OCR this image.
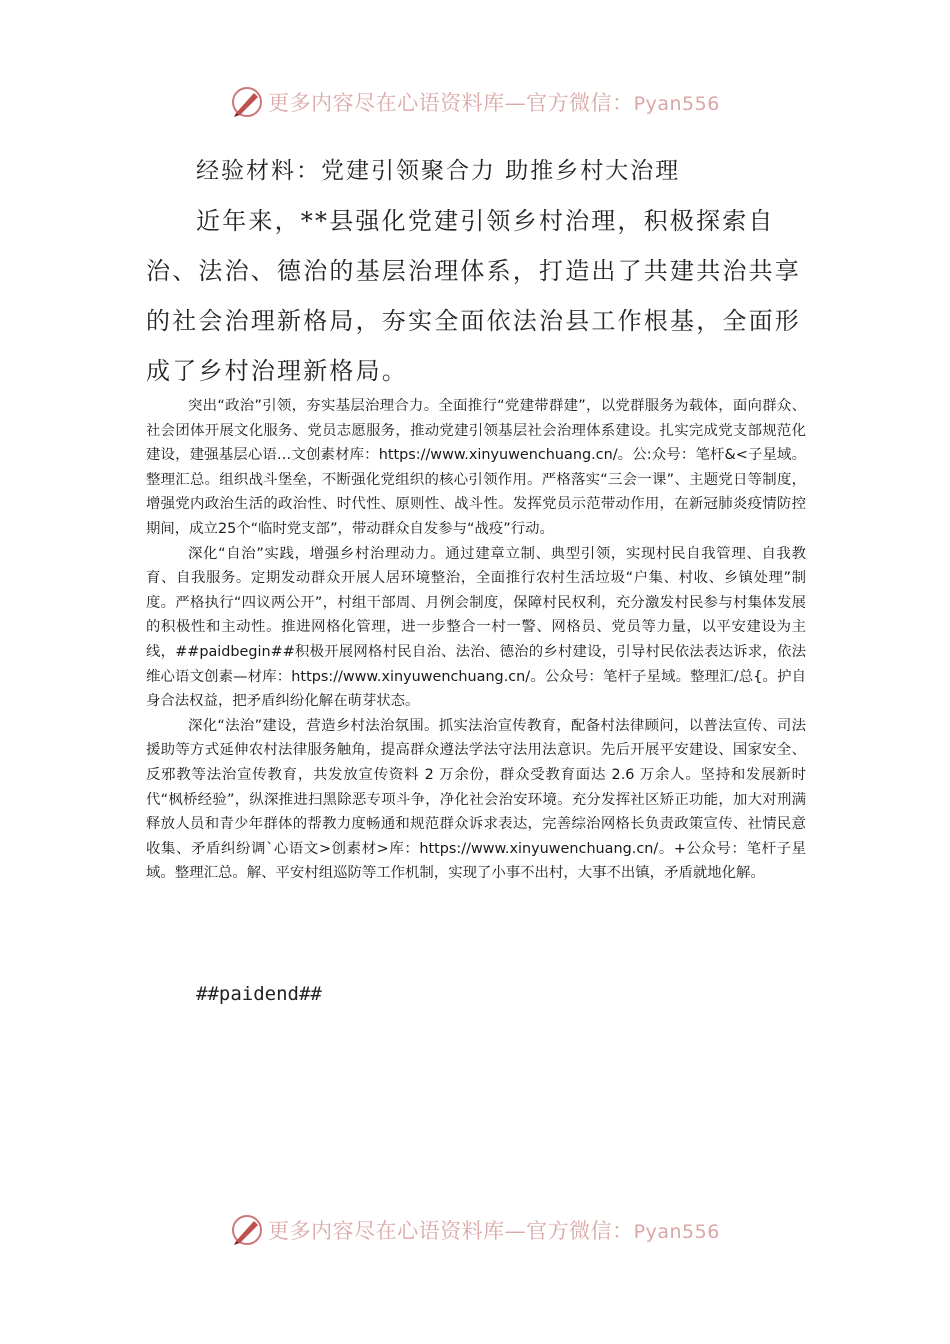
更多内容尽在心语资料库—官方微信：Pyan556
经验材料：党建引领聚合力 助推乡村大治理

近年来，**县强化党建引领乡村治理，积极探索自治、法治、德治的基层治理体系，打造出了共建共治共享的社会治理新格局，夯实全面依法治县工作根基，全面形成了乡村治理新格局。

突出“政治”引领，夯实基层治理合力。全面推行“党建带群建”，以党群服务为载体，面向群众、社会团体开展文化服务、党员志愿服务，推动党建引领基层社会治理体系建设。扎实完成党支部规范化建设，建强基层心语…文创素材库：https://www.xinyuwenchuang.cn/。公:众号：笔杆&<子星域。整理汇总。组织战斗堡垒，不断强化党组织的核心引领作用。严格落实“三会一课”、主题党日等制度，增强党内政治生活的政治性、时代性、原则性、战斗性。发挥党员示范带动作用，在新冠肺炎疫情防控期间，成立25个“临时党支部”，带动群众自发参与“战疫”行动。

深化“自治”实践，增强乡村治理动力。通过建章立制、典型引领，实现村民自我管理、自我教育、自我服务。定期发动群众开展人居环境整治，全面推行农村生活垃圾“户集、村收、乡镇处理”制度。严格执行“四议两公开”，村组干部周、月例会制度，保障村民权利，充分激发村民参与村集体发展的积极性和主动性。推进网格化管理，进一步整合一村一警、网格员、党员等力量，以平安建设为主线，##paidbegin##积极开展网格村民自治、法治、德治的乡村建设，引导村民依法表达诉求，依法维心语文创素—材库：https://www.xinyuwenchuang.cn/。公众号：笔杆子星域。整理汇/总{。护自身合法权益，把矛盾纠纷化解在萌芽状态。

深化“法治”建设，营造乡村法治氛围。抓实法治宣传教育，配备村法律顾问，以普法宣传、司法援助等方式延伸农村法律服务触角，提高群众遵法学法守法用法意识。先后开展平安建设、国家安全、反邪教等法治宣传教育，共发放宣传资料 2 万余份，群众受教育面达 2.6 万余人。坚持和发展新时代“枫桥经验”，纵深推进扫黑除恶专项斗争，净化社会治安环境。充分发挥社区矫正功能，加大对刑满释放人员和青少年群体的帮教力度畅通和规范群众诉求表达，完善综治网格长负责政策宣传、社情民意收集、矛盾纠纷调`心语文>创素材>库：https://www.xinyuwenchuang.cn/。+公众号：笔杆子星域。整理汇总。解、平安村组巡防等工作机制，实现了小事不出村，大事不出镇，矛盾就地化解。

##paidend##
更多内容尽在心语资料库—官方微信：Pyan556
